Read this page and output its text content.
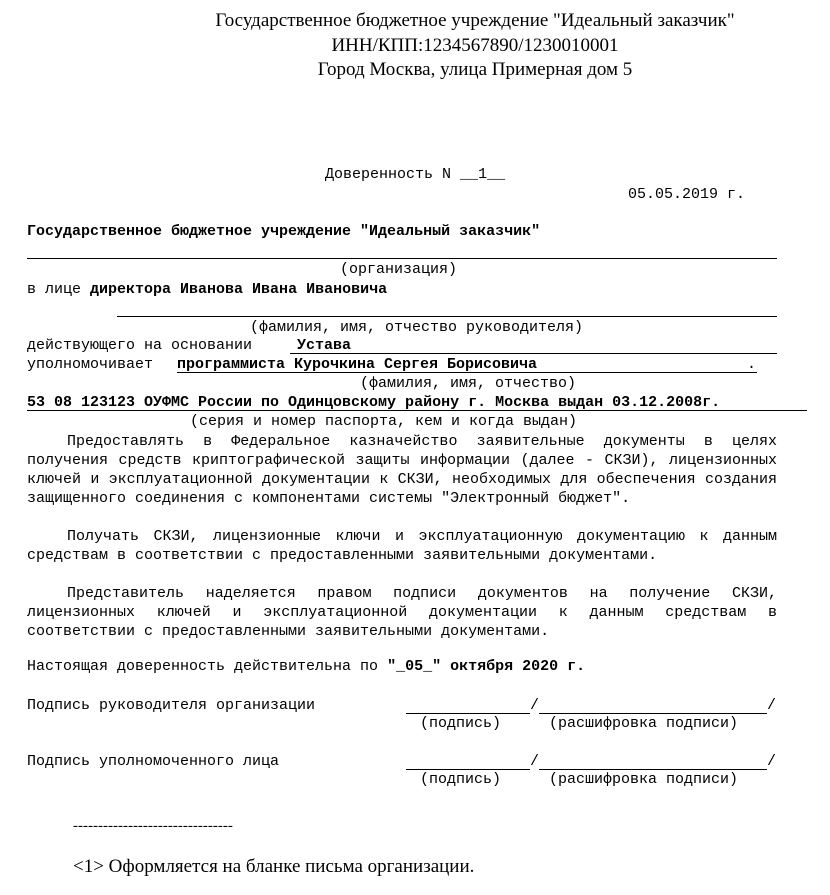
Государственное бюджетное учреждение "Идеальный заказчик"
ИНН/КПП:1234567890/1230010001
Город Москва, улица Примерная дом 5

Доверенность N __1__

05.05.2019 г.
Государственное бюджетное учреждение "Идеальный заказчик"
(организация)
в лице директора Иванова Ивана Ивановича
(фамилия, имя, отчество руководителя)
действующего на основании	Устава
уполномочивает программиста Курочкина Сергея Борисовича	.
(фамилия, имя, отчество)
53 08 123123 ОУФМС России по Одинцовскому району г. Москва выдан 03.12.2008г.
(серия и номер паспорта, кем и когда выдан)

Предоставлять в Федеральное казначейство заявительные документы в целях получения средств криптографической защиты информации (далее - СКЗИ), лицензионных ключей и эксплуатационной документации к СКЗИ, необходимых для обеспечения создания защищенного соединения с компонентами системы "Электронный бюджет".

Получать СКЗИ, лицензионные ключи и эксплуатационную документацию к данным средствам в соответствии с предоставленными заявительными документами.

Представитель наделяется правом подписи документов на получение СКЗИ, лицензионных ключей и эксплуатационной документации к данным средствам в соответствии с предоставленными заявительными документами.

Настоящая доверенность действительна по "_05_" октября 2020 г.
Подпись руководителя организации	/	/
(подпись)	(расшифровка подписи)
Подпись уполномоченного лица	/	/
(подпись)	(расшифровка подписи)
--------------------------------
<1> Оформляется на бланке письма организации.
